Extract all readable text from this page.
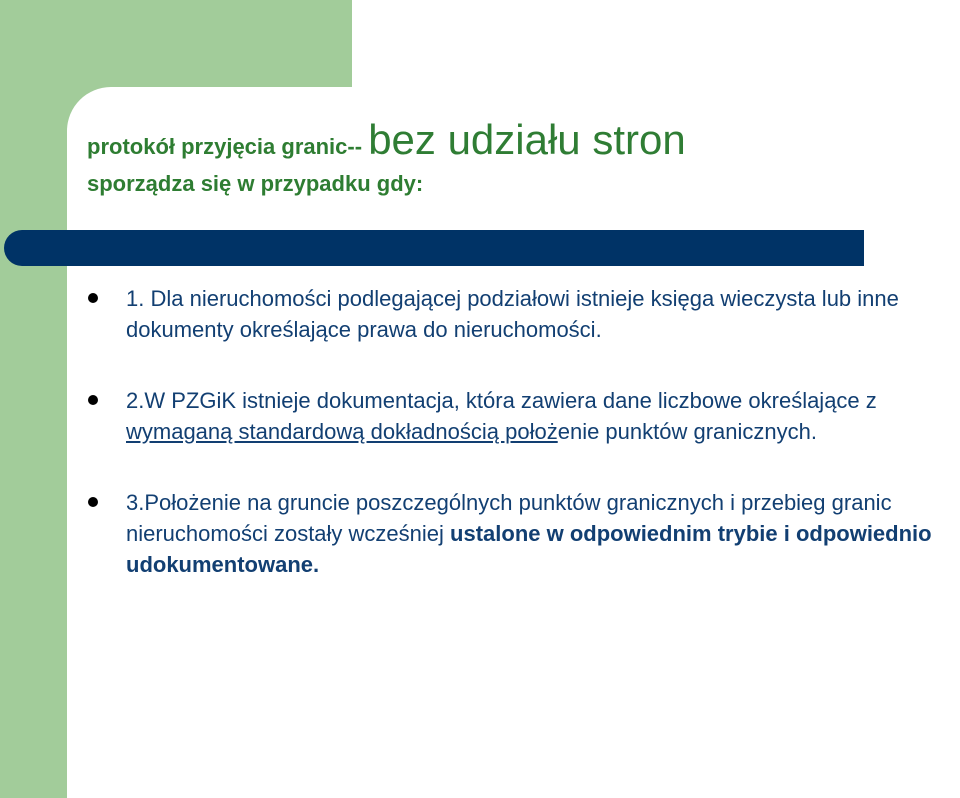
protokół przyjęcia granic-- bez udziału stron
sporządza się w przypadku gdy:
1. Dla nieruchomości podlegającej podziałowi istnieje księga wieczysta lub inne dokumenty określające prawa do nieruchomości.
2.W PZGiK istnieje dokumentacja, która zawiera dane liczbowe określające z wymaganą standardową dokładnością położenie punktów granicznych.
3.Położenie na gruncie poszczególnych punktów granicznych i przebieg granic nieruchomości zostały wcześniej ustalone w odpowiednim trybie i odpowiednio udokumentowane.
